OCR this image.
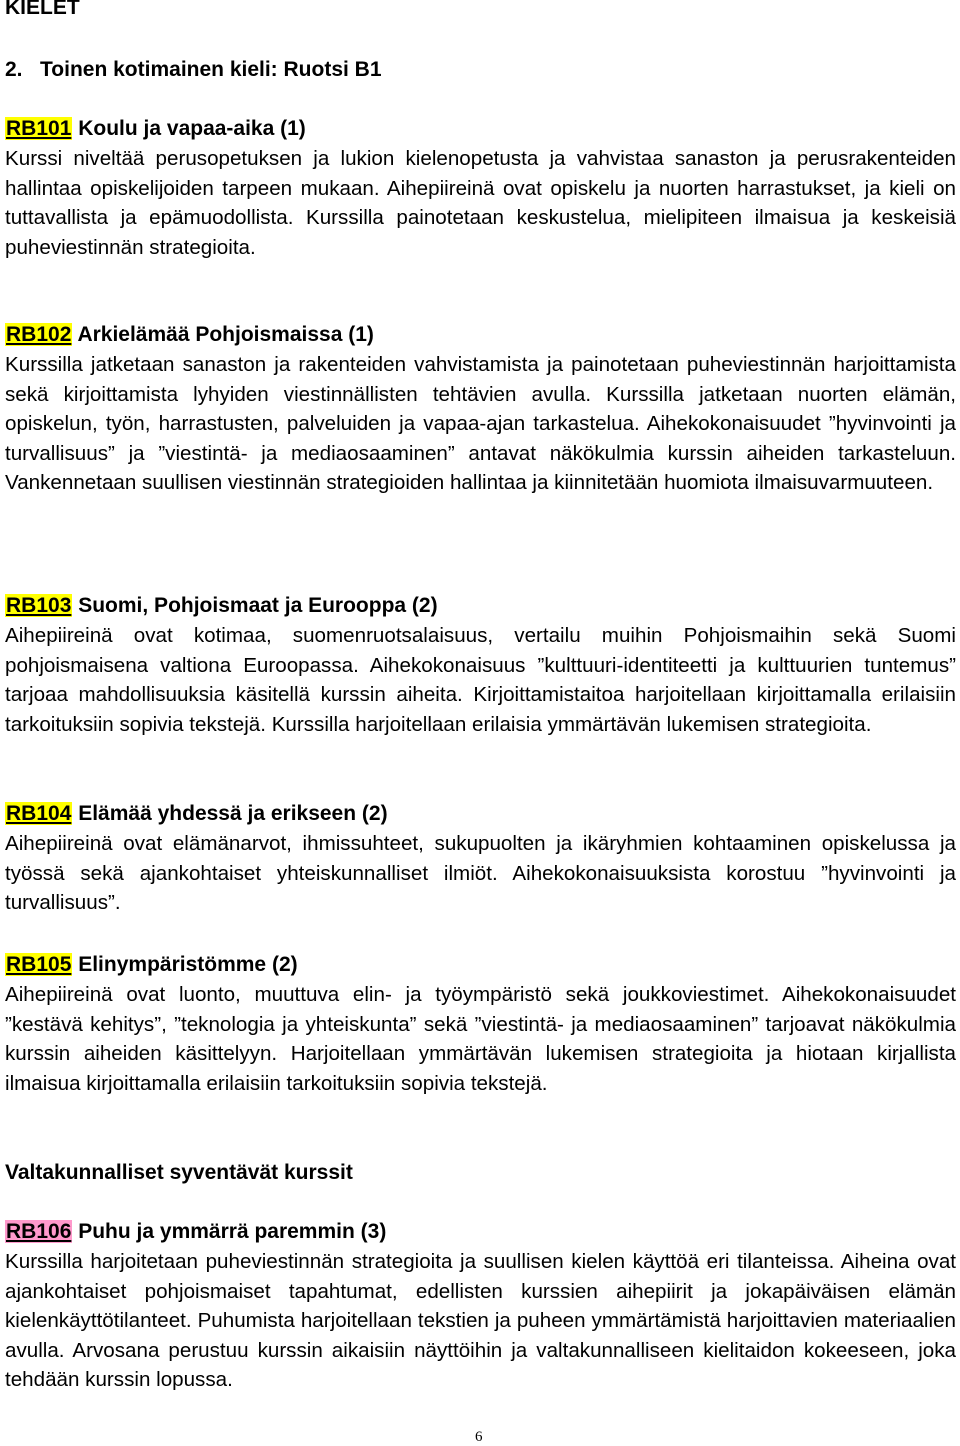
KIELET
2. Toinen kotimainen kieli: Ruotsi B1

RB101 Koulu ja vapaa-aika (1)

Kurssi niveltää perusopetuksen ja lukion kielenopetusta ja vahvistaa sanaston ja perusrakenteiden hallintaa opiskelijoiden tarpeen mukaan. Aihepiireinä ovat opiskelu ja nuorten harrastukset, ja kieli on tuttavallista ja epämuodollista. Kurssilla painotetaan keskustelua, mielipiteen ilmaisua ja keskeisiä puheviestinnän strategioita.

RB102 Arkielämää Pohjoismaissa (1)

Kurssilla jatketaan sanaston ja rakenteiden vahvistamista ja painotetaan puheviestinnän harjoittamista sekä kirjoittamista lyhyiden viestinnällisten tehtävien avulla. Kurssilla jatketaan nuorten elämän, opiskelun, työn, harrastusten, palveluiden ja vapaa-ajan tarkastelua. Aihekokonaisuudet ”hyvinvointi ja turvallisuus” ja ”viestintä- ja mediaosaaminen” antavat näkökulmia kurssin aiheiden tarkasteluun. Vankennetaan suullisen viestinnän strategioiden hallintaa ja kiinnitetään huomiota ilmaisuvarmuuteen.

RB103 Suomi, Pohjoismaat ja Eurooppa (2)

Aihepiireinä ovat kotimaa, suomenruotsalaisuus, vertailu muihin Pohjoismaihin sekä Suomi pohjoismaisena valtiona Euroopassa. Aihekokonaisuus ”kulttuuri-identiteetti ja kulttuurien tuntemus” tarjoaa mahdollisuuksia käsitellä kurssin aiheita. Kirjoittamistaitoa harjoitellaan kirjoittamalla erilaisiin tarkoituksiin sopivia tekstejä. Kurssilla harjoitellaan erilaisia ymmärtävän lukemisen strategioita.

RB104 Elämää yhdessä ja erikseen (2)

Aihepiireinä ovat elämänarvot, ihmissuhteet, sukupuolten ja ikäryhmien kohtaaminen opiskelussa ja työssä sekä ajankohtaiset yhteiskunnalliset ilmiöt. Aihekokonaisuuksista korostuu ”hyvinvointi ja turvallisuus”.

RB105 Elinympäristömme (2)

Aihepiireinä ovat luonto, muuttuva elin- ja työympäristö sekä joukkoviestimet. Aihekokonaisuudet ”kestävä kehitys”, ”teknologia ja yhteiskunta” sekä ”viestintä- ja mediaosaaminen” tarjoavat näkökulmia kurssin aiheiden käsittelyyn. Harjoitellaan ymmärtävän lukemisen strategioita ja hiotaan kirjallista ilmaisua kirjoittamalla erilaisiin tarkoituksiin sopivia tekstejä.

Valtakunnalliset syventävät kurssit

RB106 Puhu ja ymmärrä paremmin (3)

Kurssilla harjoitetaan puheviestinnän strategioita ja suullisen kielen käyttöä eri tilanteissa. Aiheina ovat ajankohtaiset pohjoismaiset tapahtumat, edellisten kurssien aihepiirit ja jokapäiväisen elämän kielenkäyttötilanteet. Puhumista harjoitellaan tekstien ja puheen ymmärtämistä harjoittavien materiaalien avulla. Arvosana perustuu kurssin aikaisiin näyttöihin ja valtakunnalliseen kielitaidon kokeeseen, joka tehdään kurssin lopussa.

6
